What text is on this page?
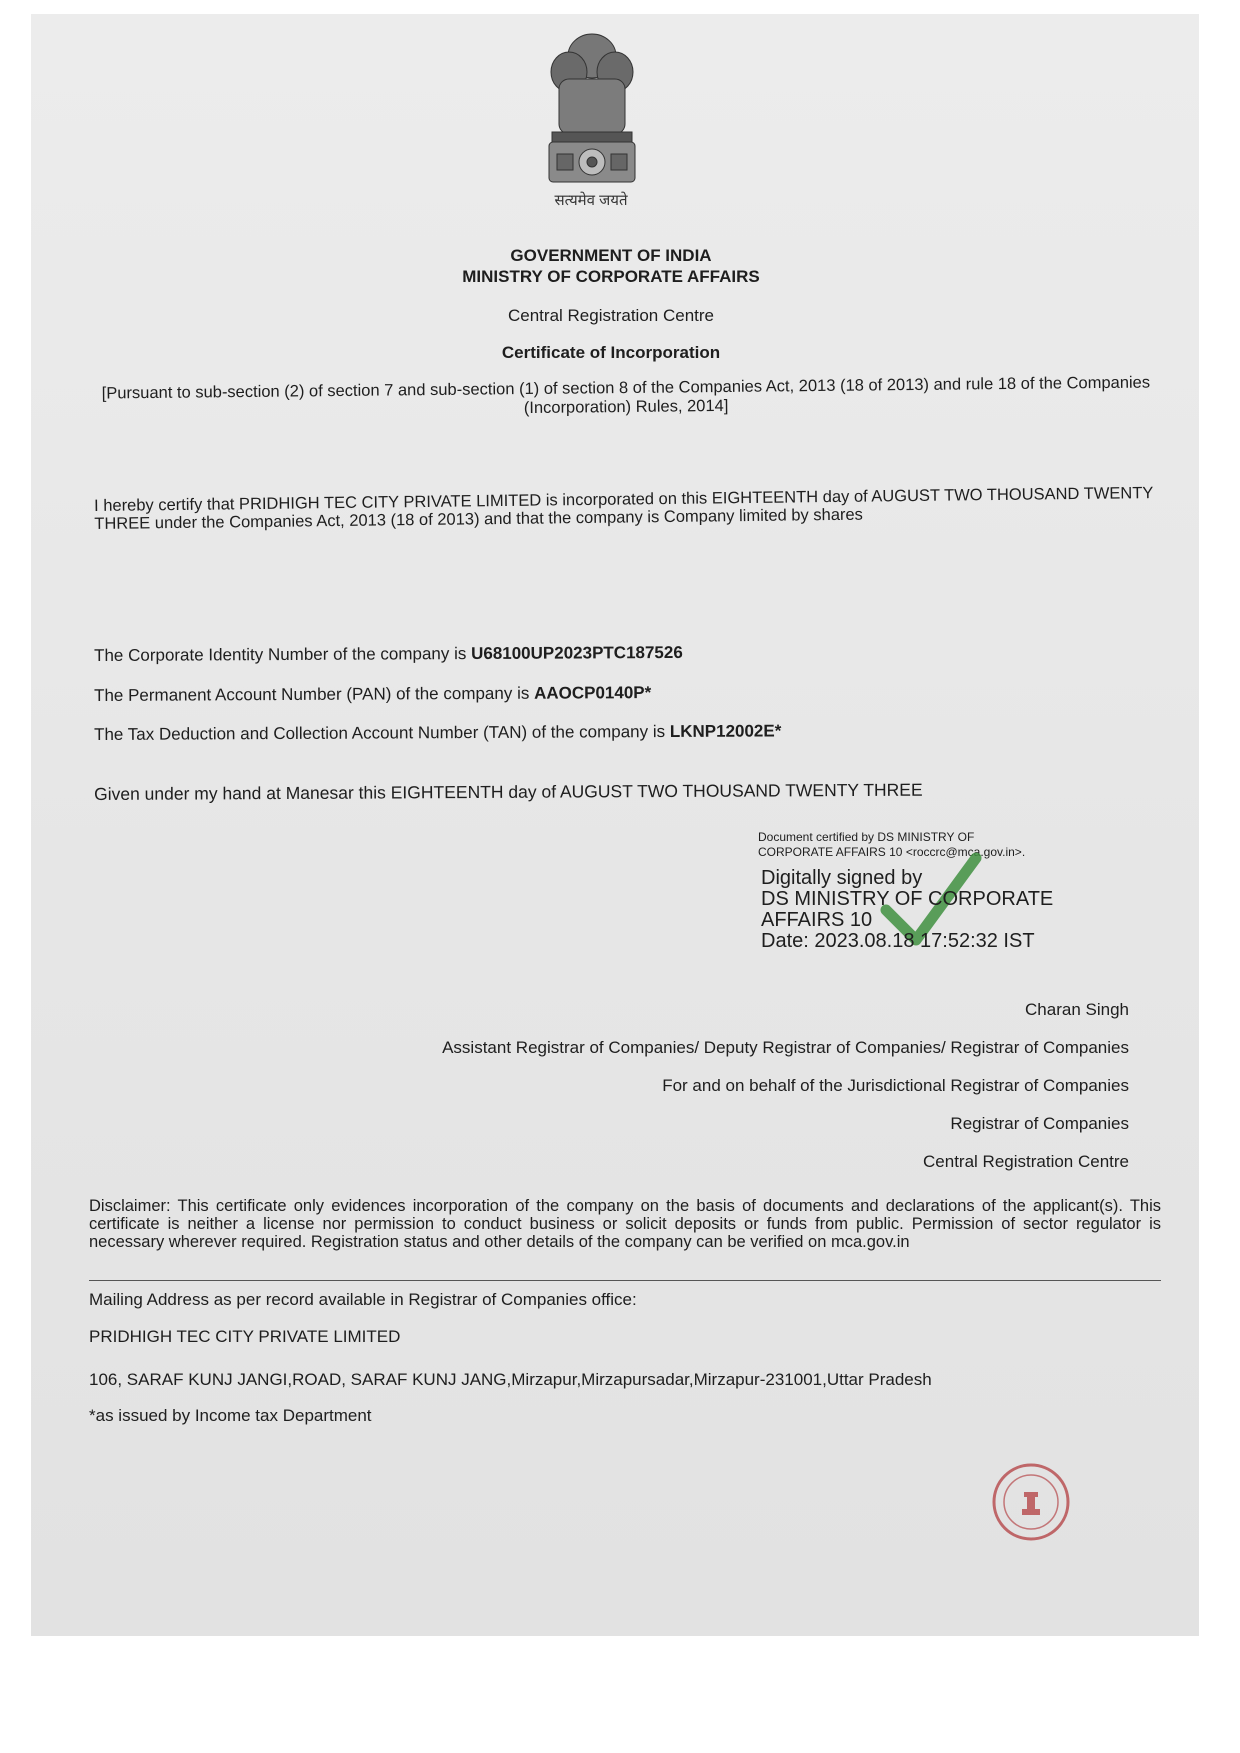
सत्यमेव जयते
GOVERNMENT OF INDIA
MINISTRY OF CORPORATE AFFAIRS
Central Registration Centre
Certificate of Incorporation
[Pursuant to sub-section (2) of section 7 and sub-section (1) of section 8 of the Companies Act, 2013 (18 of 2013) and rule 18 of the Companies (Incorporation) Rules, 2014]
I hereby certify that PRIDHIGH TEC CITY PRIVATE LIMITED is incorporated on this EIGHTEENTH day of AUGUST TWO THOUSAND TWENTY THREE under the Companies Act, 2013 (18 of 2013) and that the company is Company limited by shares
The Corporate Identity Number of the company is U68100UP2023PTC187526
The Permanent Account Number (PAN) of the company is AAOCP0140P*
The Tax Deduction and Collection Account Number (TAN) of the company is LKNP12002E*
Given under my hand at Manesar this EIGHTEENTH day of AUGUST TWO THOUSAND TWENTY THREE
Document certified by DS MINISTRY OF
CORPORATE AFFAIRS 10 <roccrc@mca.gov.in>.
Digitally signed by
DS MINISTRY OF CORPORATE
AFFAIRS 10
Date: 2023.08.18 17:52:32 IST
Charan Singh
Assistant Registrar of Companies/ Deputy Registrar of Companies/ Registrar of Companies
For and on behalf of the Jurisdictional Registrar of Companies
Registrar of Companies
Central Registration Centre
Disclaimer: This certificate only evidences incorporation of the company on the basis of documents and declarations of the applicant(s). This certificate is neither a license nor permission to conduct business or solicit deposits or funds from public. Permission of sector regulator is necessary wherever required. Registration status and other details of the company can be verified on mca.gov.in
Mailing Address as per record available in Registrar of Companies office:
PRIDHIGH TEC CITY PRIVATE LIMITED
106, SARAF KUNJ JANGI,ROAD, SARAF KUNJ JANG,Mirzapur,Mirzapursadar,Mirzapur-231001,Uttar Pradesh
*as issued by Income tax Department
